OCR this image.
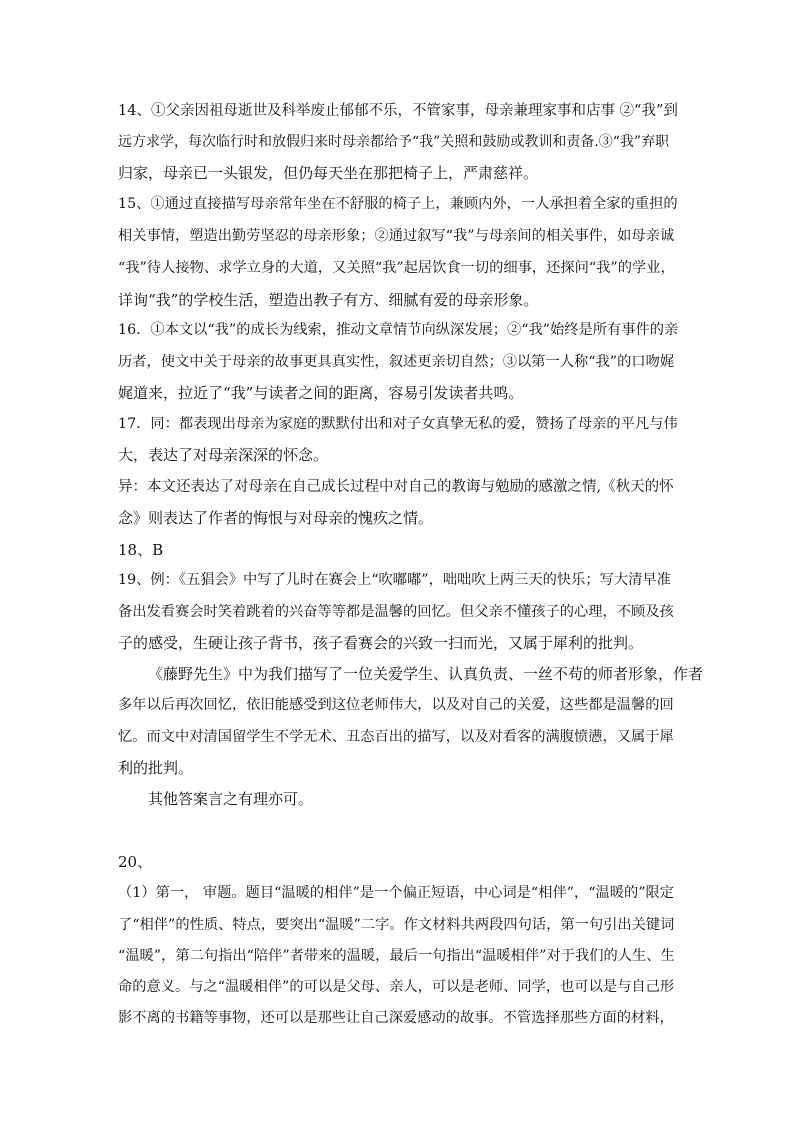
14、①父亲因祖母逝世及科举废止郁郁不乐，不管家事，母亲兼理家事和店事 ②“我”到
远方求学，每次临行时和放假归来时母亲都给予“我”关照和鼓励或教训和责备.③“我”弃职
归家，母亲已一头银发，但仍每天坐在那把椅子上，严肃慈祥。
15、①通过直接描写母亲常年坐在不舒服的椅子上，兼顾内外，一人承担着全家的重担的
相关事情，塑造出勤劳坚忍的母亲形象；②通过叙写“我”与母亲间的相关事件，如母亲诚
“我”待人接物、求学立身的大道，又关照“我”起居饮食一切的细事，还探问“我”的学业，
详询“我”的学校生活，塑造出教子有方、细腻有爱的母亲形象。
16．①本文以“我”的成长为线索，推动文章情节向纵深发展；②“我”始终是所有事件的亲
历者，使文中关于母亲的故事更具真实性，叙述更亲切自然；③以第一人称“我”的口吻娓
娓道来，拉近了“我”与读者之间的距离，容易引发读者共鸣。
17．同：都表现出母亲为家庭的默默付出和对子女真挚无私的爱，赞扬了母亲的平凡与伟
大，表达了对母亲深深的怀念。
异：本文还表达了对母亲在自己成长过程中对自己的教诲与勉励的感激之情,《秋天的怀
念》则表达了作者的悔恨与对母亲的愧疚之情。
18、B
19、例：《五猖会》中写了儿时在赛会上“吹嘟嘟”，咄咄吹上两三天的快乐；写大清早准
备出发看赛会时笑着跳着的兴奋等等都是温馨的回忆。但父亲不懂孩子的心理，不顾及孩
子的感受，生硬让孩子背书，孩子看赛会的兴致一扫而光，又属于犀利的批判。
《藤野先生》中为我们描写了一位关爱学生、认真负责、一丝不苟的师者形象，作者
多年以后再次回忆，依旧能感受到这位老师伟大，以及对自己的关爱，这些都是温馨的回
忆。而文中对清国留学生不学无术、丑态百出的描写，以及对看客的满腹愤懑，又属于犀
利的批判。
其他答案言之有理亦可。
20、
（1）第一， 审题。题目“温暖的相伴”是一个偏正短语，中心词是“相伴”，“温暖的”限定
了“相伴”的性质、特点，要突出“温暖”二字。作文材料共两段四句话，第一句引出关键词
“温暖”，第二句指出“陪伴”者带来的温暖，最后一句指出“温暖相伴”对于我们的人生、生
命的意义。与之“温暖相伴”的可以是父母、亲人，可以是老师、同学，也可以是与自己形
影不离的书籍等事物，还可以是那些让自己深爱感动的故事。不管选择那些方面的材料，
